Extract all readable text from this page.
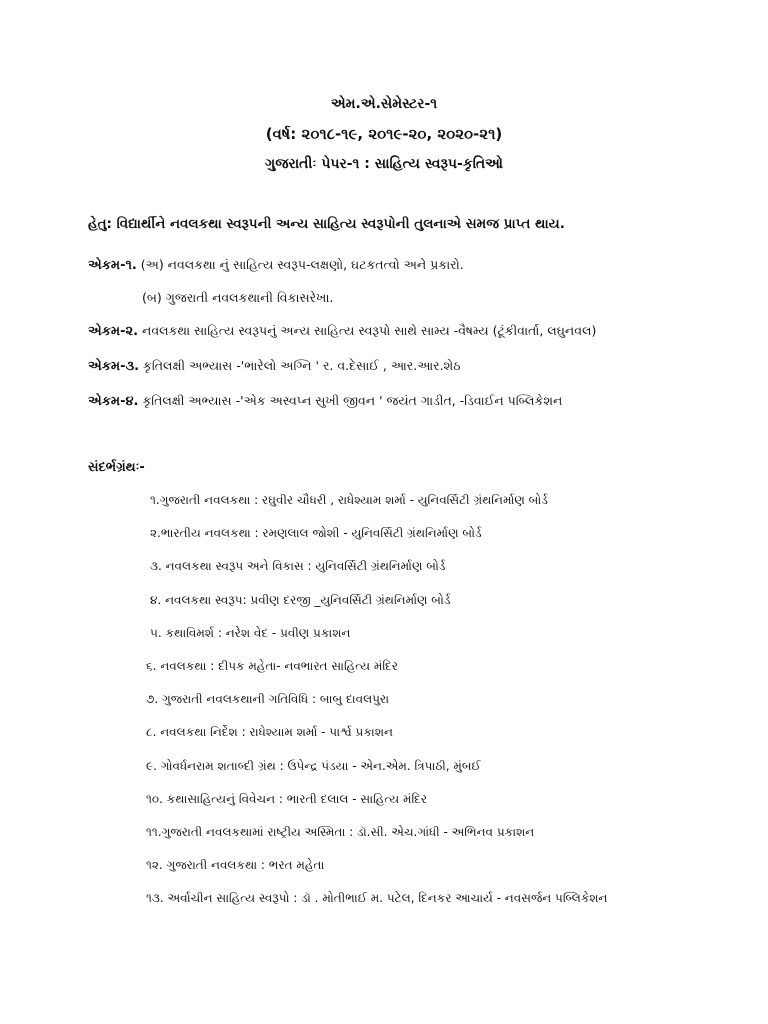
એમ.એ.સેમેસ્ટર-૧
(વર્ષ: ૨૦૧૮-૧૯, ૨૦૧૯-૨૦, ૨૦૨૦-૨૧)
ગુજરાતીઃ પેપર-૧ : સાહિત્ય સ્વરૂપ-કૃતિઓ
હેતુ: વિદ્યાર્થીને નવલકથા સ્વરૂપની અન્ય સાહિત્ય સ્વરૂપોની તુલનાએ સમજ પ્રાપ્ત થાય.
એકમ-૧. (અ) નવલકથા નું સાહિત્ય સ્વરૂપ-લક્ષણો, ઘટકતત્વો અને પ્રકારો.
(બ) ગુજરાતી નવલકથાની વિકાસરેખા.
એકમ-૨. નવલકથા સાહિત્ય સ્વરૂપનું અન્ય સાહિત્ય સ્વરૂપો સાથે સામ્ય -વૈષમ્ય (ટૂંકીવાર્તા, લઘુનવલ)
એકમ-૩. કૃતિલક્ષી અભ્યાસ -'ભારેલો અગ્નિ ' ર. વ.દેસાઈ , આર.આર.શેઠ
એકમ-૪. કૃતિલક્ષી અભ્યાસ -'એક અસ્વપ્ન સુખી જીવન ' જયંત ગાડીત, -ડિવાઈન પબ્લિકેશન
સંદર્ભગ્રંથઃ-
૧.ગુજરાતી નવલકથા : રઘુવીર ચૌધરી , રાધેશ્યામ શર્મા - યુનિવર્સિટી ગ્રંથનિર્માણ બોર્ડ
૨.ભારતીય નવલકથા : રમણલાલ જોશી - યુનિવર્સિટી ગ્રંથનિર્માણ બોર્ડ
૩. નવલકથા સ્વરૂપ અને વિકાસ : યુનિવર્સિટી ગ્રંથનિર્માણ બોર્ડ
૪. નવલકથા સ્વરૂપ: પ્રવીણ દરજી _યુનિવર્સિટી ગ્રંથનિર્માણ બોર્ડ
૫. કથાવિમર્શ : નરેશ વેદ - પ્રવીણ પ્રકાશન
૬. નવલકથા : દીપક મહેતા- નવભારત સાહિત્ય મંદિર
૭. ગુજરાતી નવલકથાની ગતિવિધિ : બાબુ દાવલપુરા
૮. નવલકથા નિર્દેશ : રાધેશ્યામ શર્મા - પાર્શ્વ પ્રકાશન
૯. ગોવર્ધનરામ શતાબ્દી ગ્રંથ : ઉપેન્દ્ર પંડયા - એન.એમ. ત્રિપાઠી, મુંબઈ
૧૦. કથાસાહિત્યનું વિવેચન : ભારતી દલાલ - સાહિત્ય મંદિર
૧૧.ગુજરાતી નવલકથામાં રાષ્ટ્રીય અસ્મિતા : ડૉ.સી. એચ.ગાંધી - અભિનવ પ્રકાશન
૧૨. ગુજરાતી નવલકથા : ભરત મહેતા
૧૩. અર્વાચીન સાહિત્ય સ્વરૂપો : ડૉ . મોતીભાઈ મ. પટેલ, દિનકર આચાર્ય - નવસર્જન પબ્લિકેશન
